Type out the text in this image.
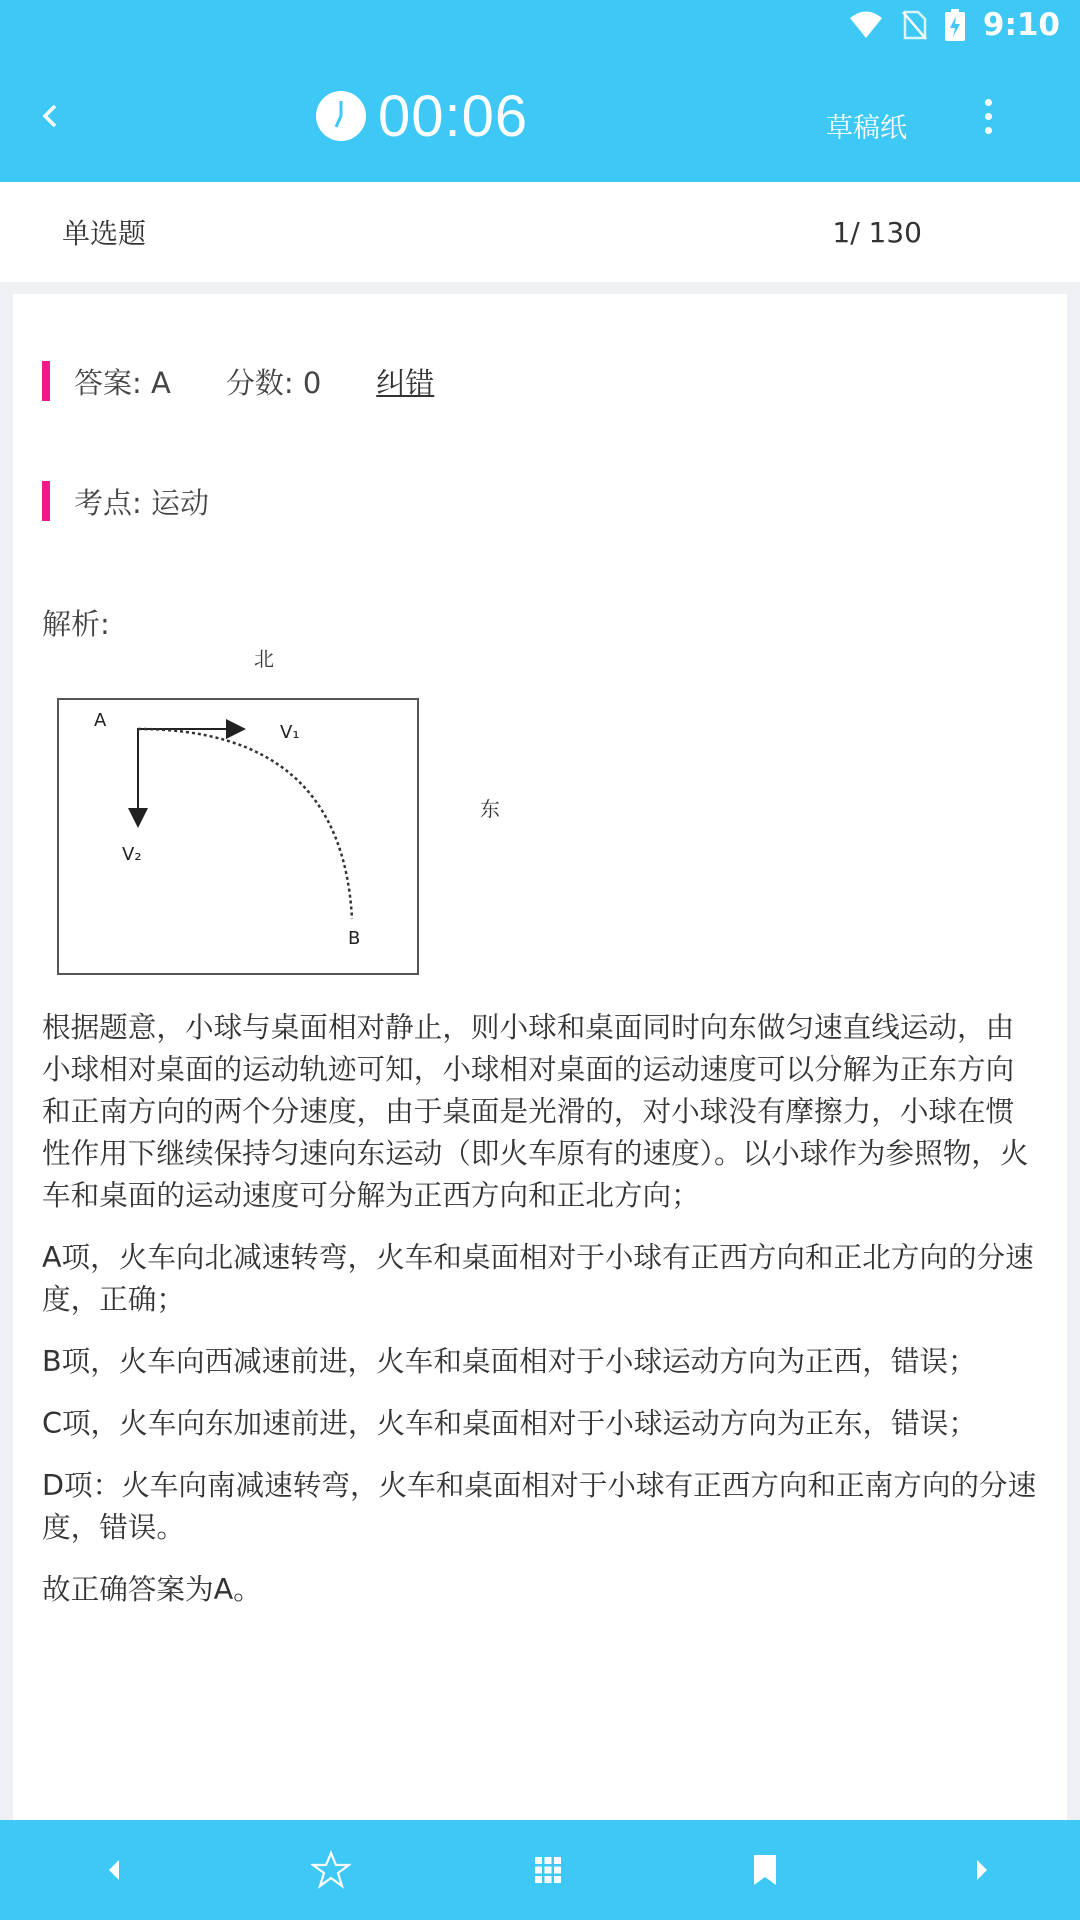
9:10
00:06	草稿纸
单选题	1/ 130
答案: A 分数: 0 纠错
考点: 运动
解析:
北
A
V₁
V₂
B
东

根据题意，小球与桌面相对静止，则小球和桌面同时向东做匀速直线运动，由小球相对桌面的运动轨迹可知，小球相对桌面的运动速度可以分解为正东方向和正南方向的两个分速度，由于桌面是光滑的，对小球没有摩擦力，小球在惯性作用下继续保持匀速向东运动（即火车原有的速度）。以小球作为参照物，火车和桌面的运动速度可分解为正西方向和正北方向；

A项，火车向北减速转弯，火车和桌面相对于小球有正西方向和正北方向的分速度，正确；

B项，火车向西减速前进，火车和桌面相对于小球运动方向为正西，错误；

C项，火车向东加速前进，火车和桌面相对于小球运动方向为正东，错误；

D项：火车向南减速转弯，火车和桌面相对于小球有正西方向和正南方向的分速度，错误。

故正确答案为A。
